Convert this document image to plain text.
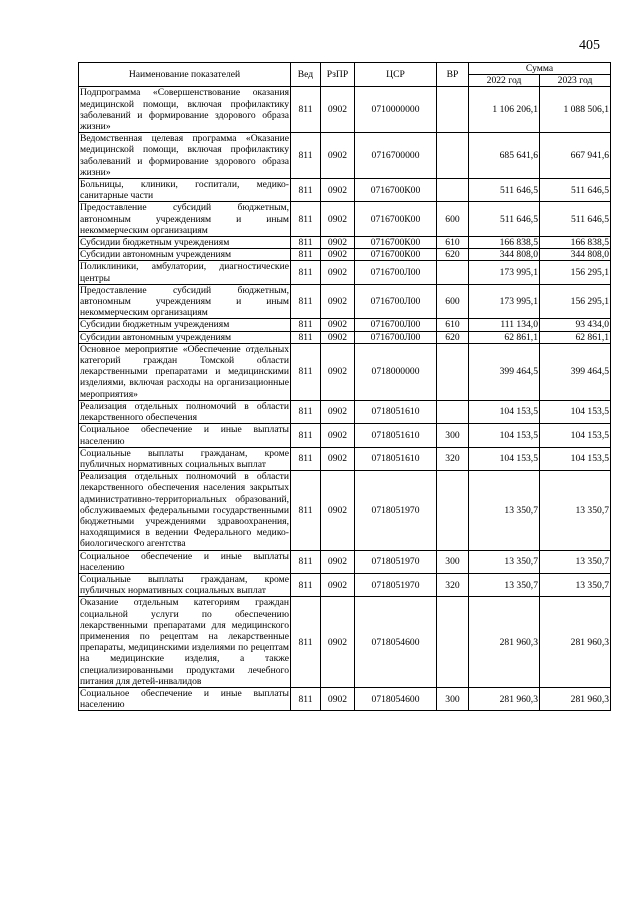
405
Наименование показателей	Вед	РзПР	ЦСР	ВР	Сумма	
					2022 год	2023 год
Подпрограмма «Совершенствование оказания медицинской помощи, включая профилактику заболеваний и формирование здорового образа жизни»	811	0902	0710000000		1 106 206,1	1 088 506,1
Ведомственная целевая программа «Оказание медицинской помощи, включая профилактику заболеваний и формирование здорового образа жизни»	811	0902	0716700000		685 641,6	667 941,6
Больницы, клиники, госпитали, медико-санитарные части	811	0902	0716700К00		511 646,5	511 646,5
Предоставление субсидий бюджетным, автономным учреждениям и иным некоммерческим организациям	811	0902	0716700К00	600	511 646,5	511 646,5
Субсидии бюджетным учреждениям	811	0902	0716700К00	610	166 838,5	166 838,5
Субсидии автономным учреждениям	811	0902	0716700К00	620	344 808,0	344 808,0
Поликлиники, амбулатории, диагностические центры	811	0902	0716700Л00		173 995,1	156 295,1
Предоставление субсидий бюджетным, автономным учреждениям и иным некоммерческим организациям	811	0902	0716700Л00	600	173 995,1	156 295,1
Субсидии бюджетным учреждениям	811	0902	0716700Л00	610	111 134,0	93 434,0
Субсидии автономным учреждениям	811	0902	0716700Л00	620	62 861,1	62 861,1
Основное мероприятие «Обеспечение отдельных категорий граждан Томской области лекарственными препаратами и медицинскими изделиями, включая расходы на организационные мероприятия»	811	0902	0718000000		399 464,5	399 464,5
Реализация отдельных полномочий в области лекарственного обеспечения	811	0902	0718051610		104 153,5	104 153,5
Социальное обеспечение и иные выплаты населению	811	0902	0718051610	300	104 153,5	104 153,5
Социальные выплаты гражданам, кроме публичных нормативных социальных выплат	811	0902	0718051610	320	104 153,5	104 153,5
Реализация отдельных полномочий в области лекарственного обеспечения населения закрытых административно-территориальных образований, обслуживаемых федеральными государственными бюджетными учреждениями здравоохранения, находящимися в ведении Федерального медико-биологического агентства	811	0902	0718051970		13 350,7	13 350,7
Социальное обеспечение и иные выплаты населению	811	0902	0718051970	300	13 350,7	13 350,7
Социальные выплаты гражданам, кроме публичных нормативных социальных выплат	811	0902	0718051970	320	13 350,7	13 350,7
Оказание отдельным категориям граждан социальной услуги по обеспечению лекарственными препаратами для медицинского применения по рецептам на лекарственные препараты, медицинскими изделиями по рецептам на медицинские изделия, а также специализированными продуктами лечебного питания для детей-инвалидов	811	0902	0718054600		281 960,3	281 960,3
Социальное обеспечение и иные выплаты населению	811	0902	0718054600	300	281 960,3	281 960,3
